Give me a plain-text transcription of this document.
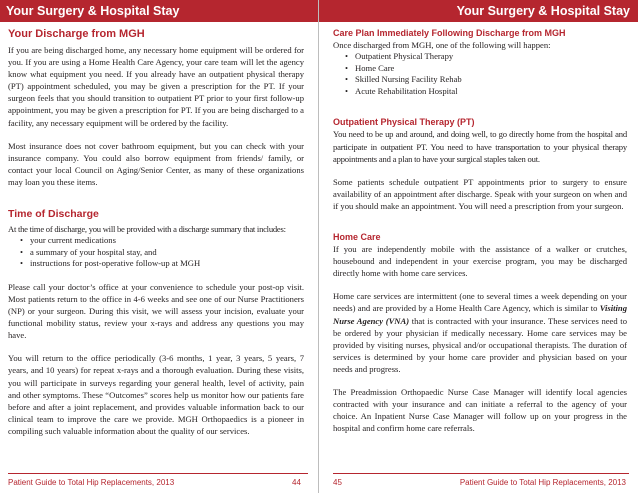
Your Surgery & Hospital Stay
Your Discharge from MGH

If you are being discharged home, any necessary home equipment will be ordered for you. If you are using a Home Health Care Agency, your care team will let the agency know what equipment you need. If you already have an outpatient physical therapy (PT) appointment scheduled, you may be given a prescription for the PT. If your surgeon feels that you should transition to outpatient PT prior to your first follow-up appointment, you may be given a prescription for PT. If you are being discharged to a facility, any necessary equipment will be ordered by the facility.

Most insurance does not cover bathroom equipment, but you can check with your insurance company. You could also borrow equipment from friends/ family, or contact your local Council on Aging/Senior Center, as many of these organizations may loan you these items.

Time of Discharge

At the time of discharge, you will be provided with a discharge summary that includes:

• your current medications
• a summary of your hospital stay, and
• instructions for post-operative follow-up at MGH

Please call your doctor’s office at your convenience to schedule your post-op visit. Most patients return to the office in 4-6 weeks and see one of our Nurse Practitioners (NP) or your surgeon. During this visit, we will assess your incision, evaluate your functional mobility status, review your x-rays and address any questions you may have.

You will return to the office periodically (3-6 months, 1 year, 3 years, 5 years, 7 years, and 10 years) for repeat x-rays and a thorough evaluation. During these visits, you will participate in surveys regarding your general health, level of activity, pain and other symptoms. These “Outcomes” scores help us monitor how our patients fare before and after a joint replacement, and provides valuable information back to our clinical team to improve the care we provide. MGH Orthopaedics is a pioneer in compiling such valuable information about the quality of our services.

Patient Guide to Total Hip Replacements, 2013	44
Your Surgery & Hospital Stay
Care Plan Immediately Following Discharge from MGH

Once discharged from MGH, one of the following will happen:

• Outpatient Physical Therapy
• Home Care
• Skilled Nursing Facility Rehab
• Acute Rehabilitation Hospital
Outpatient Physical Therapy (PT)

You need to be up and around, and doing well, to go directly home from the hospital and participate in outpatient PT. You need to have transportation to your physical therapy appointments and a plan to have your surgical staples taken out.

Some patients schedule outpatient PT appointments prior to surgery to ensure availability of an appointment after discharge. Speak with your surgeon on when and if you should make an appointment. You will need a prescription from your surgeon.

Home Care

If you are independently mobile with the assistance of a walker or crutches, housebound and independent in your exercise program, you may be discharged directly home with home care services.

Home care services are intermittent (one to several times a week depending on your needs) and are provided by a Home Health Care Agency, which is similar to Visiting Nurse Agency (VNA) that is contracted with your insurance. These services need to be ordered by your physician if medically necessary. Home care services may be provided by visiting nurses, physical and/or occupational therapists. The duration of services is determined by your home care provider and physician based on your needs and progress.

The Preadmission Orthopaedic Nurse Case Manager will identify local agencies contracted with your insurance and can initiate a referral to the agency of your choice. An Inpatient Nurse Case Manager will follow up on your progress in the hospital and confirm home care referrals.

45	Patient Guide to Total Hip Replacements, 2013
